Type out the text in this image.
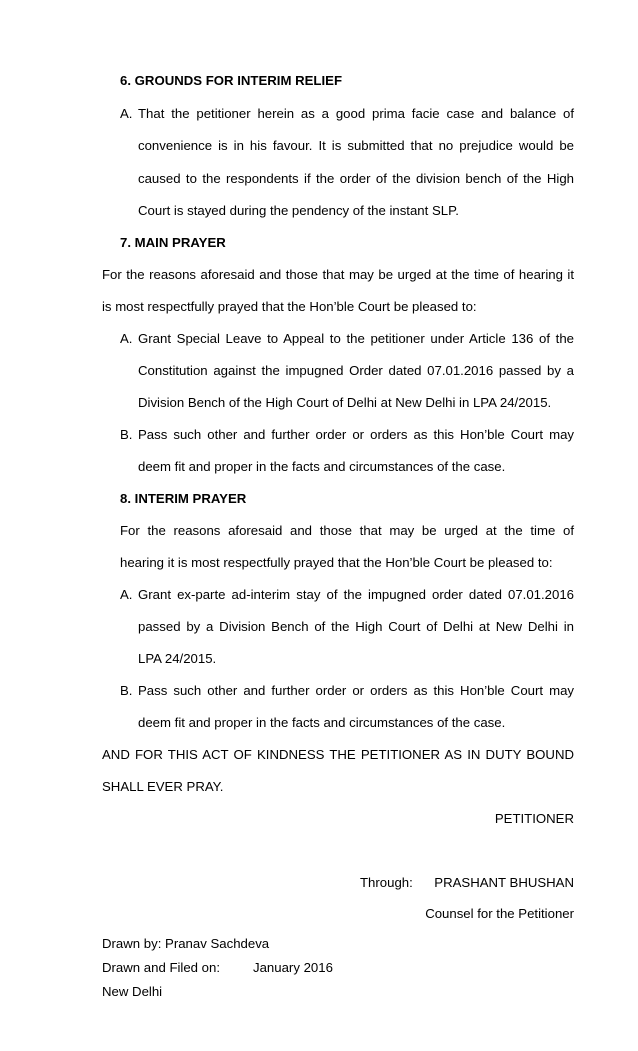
6. GROUNDS FOR INTERIM RELIEF
A. That the petitioner herein as a good prima facie case and balance of
convenience is in his favour. It is submitted that no prejudice would be
caused to the respondents if the order of the division bench of the High
Court is stayed during the pendency of the instant SLP.
7. MAIN PRAYER
For the reasons aforesaid and those that may be urged at the time of hearing it
is most respectfully prayed that the Hon’ble Court be pleased to:
A. Grant Special Leave to Appeal to the petitioner under Article 136 of the
Constitution against the impugned Order dated 07.01.2016 passed by a
Division Bench of the High Court of Delhi at New Delhi in LPA 24/2015.
B. Pass such other and further order or orders as this Hon’ble Court may
deem fit and proper in the facts and circumstances of the case.
8. INTERIM PRAYER
For the reasons aforesaid and those that may be urged at the time of
hearing it is most respectfully prayed that the Hon’ble Court be pleased to:
A. Grant ex-parte ad-interim stay of the impugned order dated 07.01.2016
passed by a Division Bench of the High Court of Delhi at New Delhi in
LPA 24/2015.
B. Pass such other and further order or orders as this Hon’ble Court may
deem fit and proper in the facts and circumstances of the case.
AND FOR THIS ACT OF KINDNESS THE PETITIONER AS IN DUTY BOUND
SHALL EVER PRAY.
PETITIONER
Through:	PRASHANT BHUSHAN
Counsel for the Petitioner
Drawn by: Pranav Sachdeva
Drawn and Filed on: January 2016
New Delhi
